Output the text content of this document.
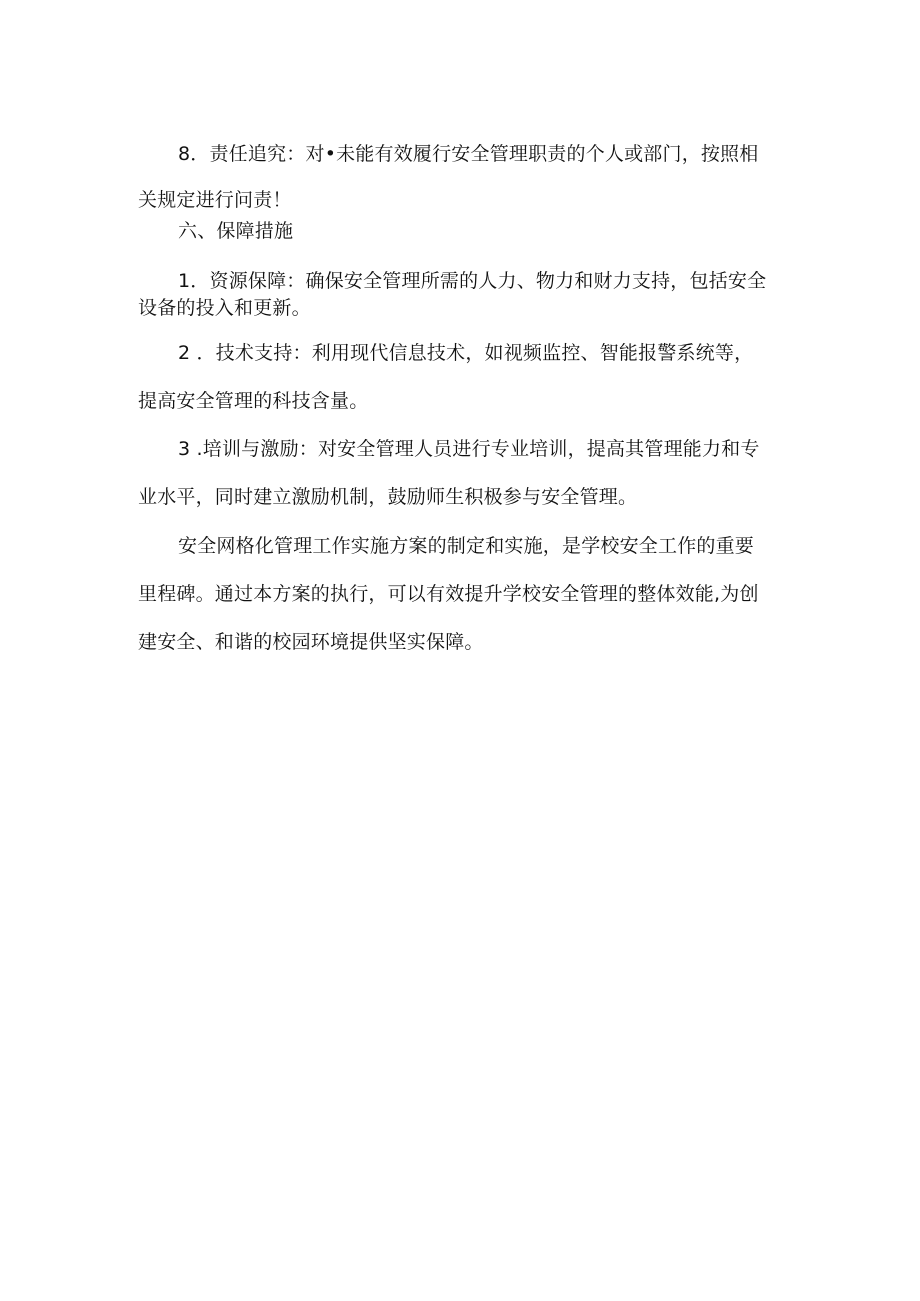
8．责任追究：对•未能有效履行安全管理职责的个人或部门，按照相
关规定进行问责！
六、保障措施
1．资源保障：确保安全管理所需的人力、物力和财力支持，包括安全
设备的投入和更新。
2 ．技术支持：利用现代信息技术，如视频监控、智能报警系统等，
提高安全管理的科技含量。
3 .培训与激励：对安全管理人员进行专业培训，提高其管理能力和专
业水平，同时建立激励机制，鼓励师生积极参与安全管理。
安全网格化管理工作实施方案的制定和实施，是学校安全工作的重要
里程碑。通过本方案的执行，可以有效提升学校安全管理的整体效能,为创
建安全、和谐的校园环境提供坚实保障。
